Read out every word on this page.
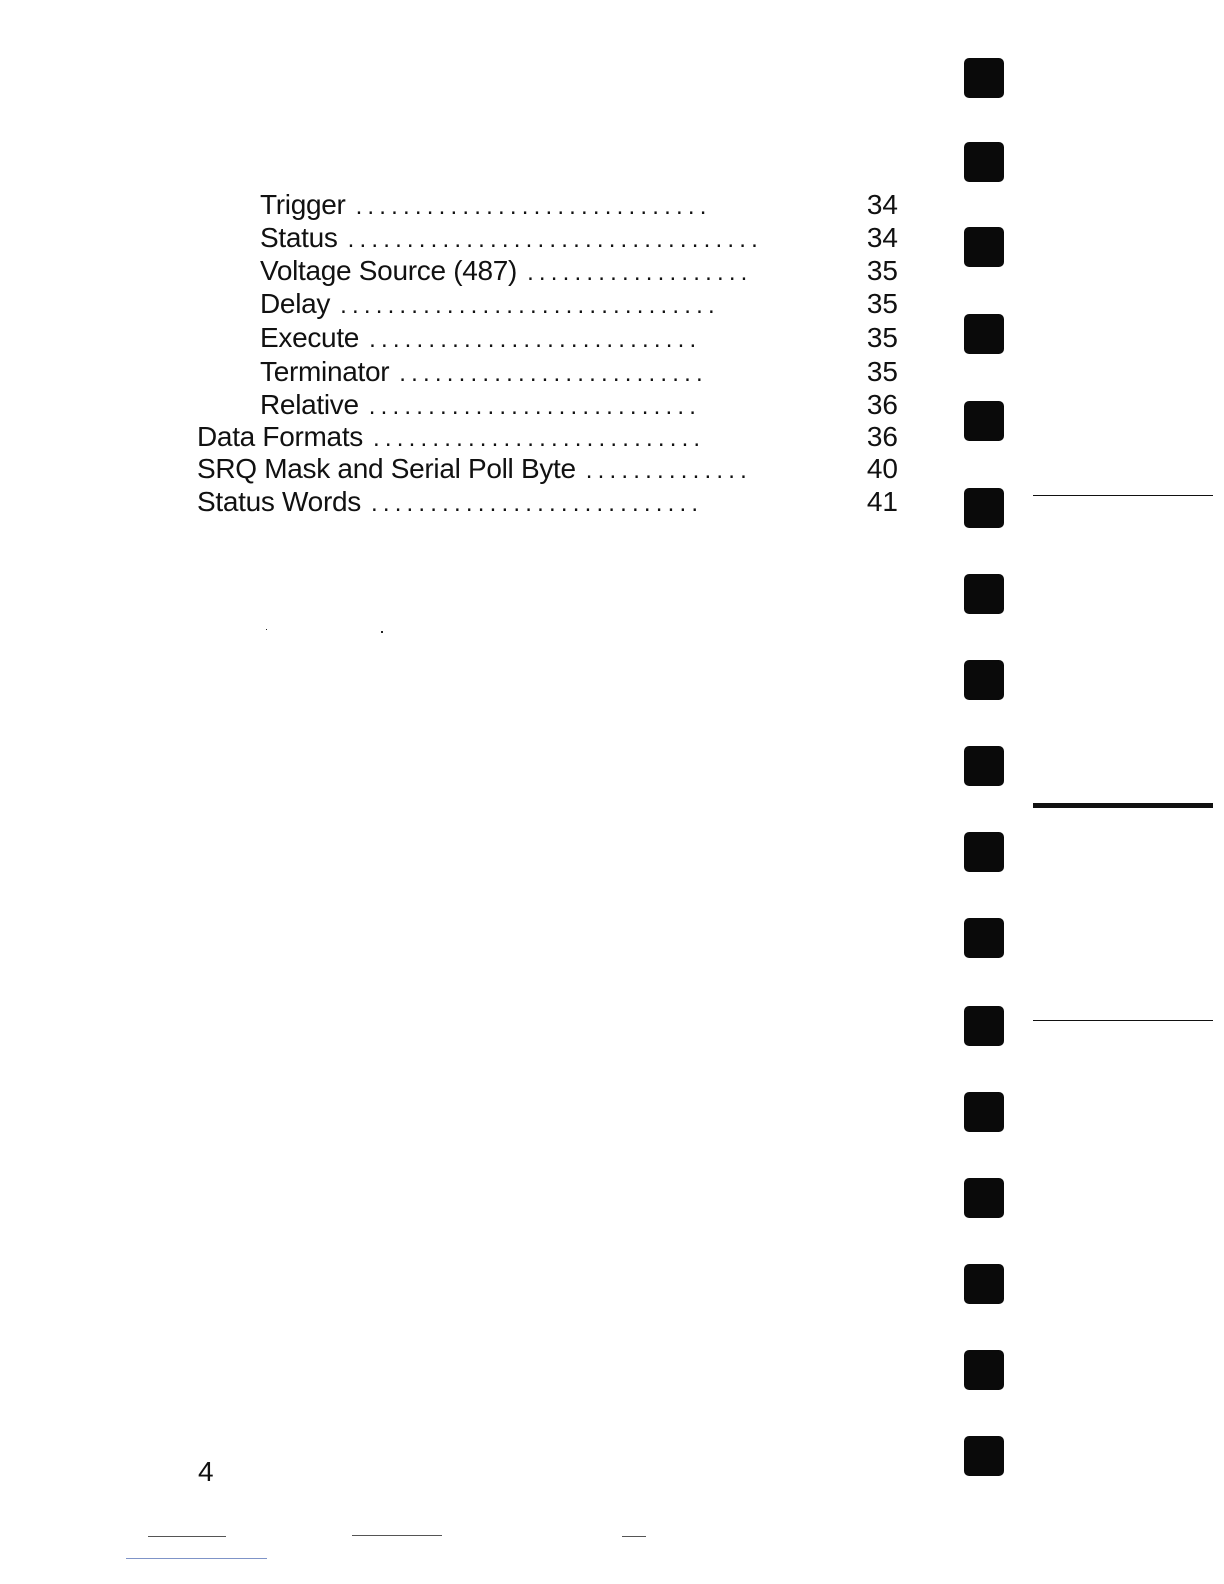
Trigger ..............................	34
Status ...................................	34
Voltage Source (487) ...................	35
Delay ................................	35
Execute ............................	35
Terminator ..........................	35
Relative ............................	36
Data Formats ............................	36
SRQ Mask and Serial Poll Byte ..............	40
Status Words ............................	41
4
